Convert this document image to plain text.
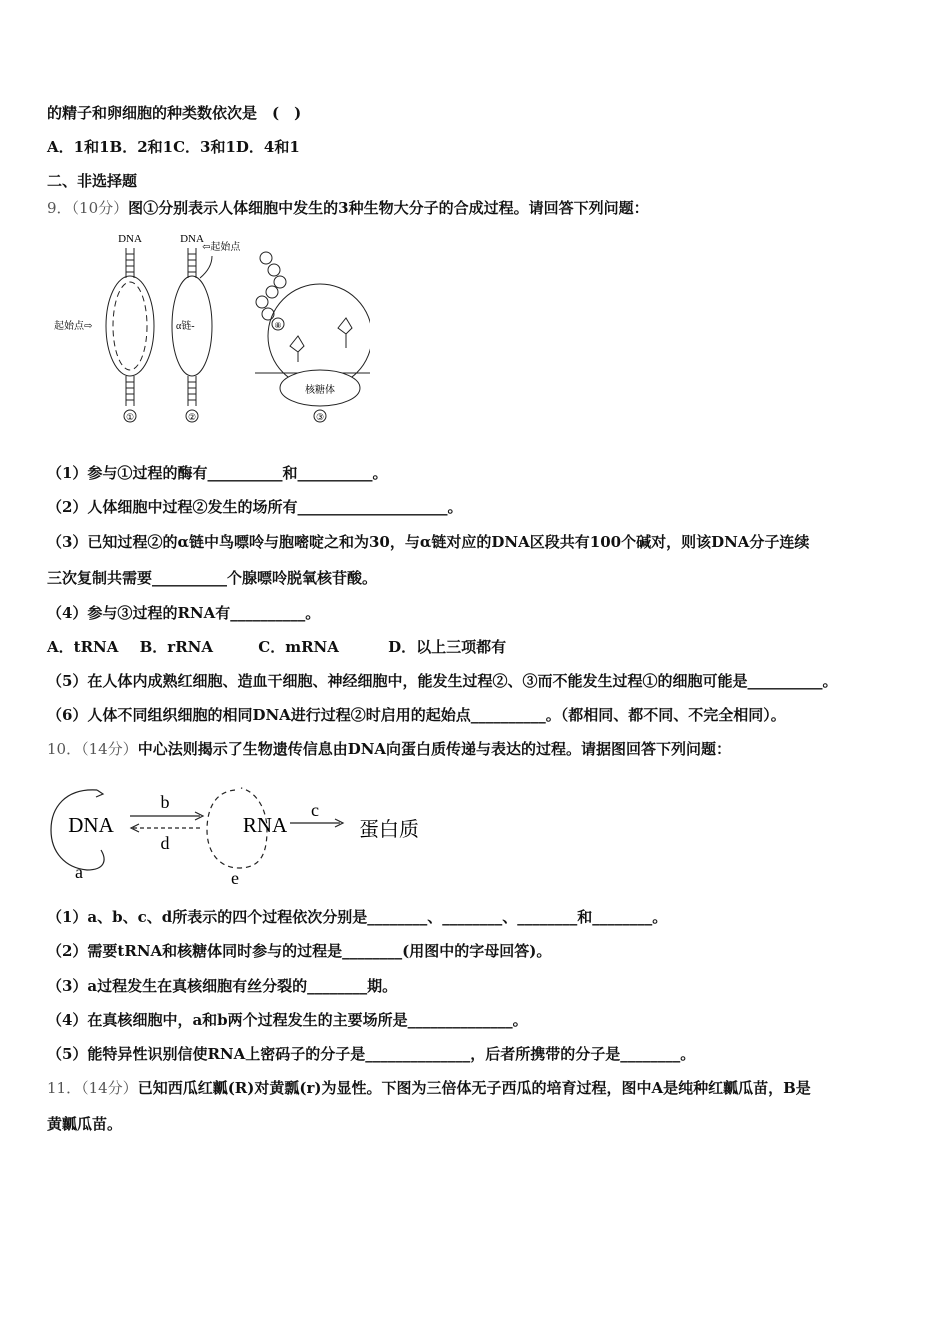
的精子和卵细胞的种类数依次是　(　)
A．1和1B．2和1C．3和1D．4和1
二、非选择题
9．（10分）图①分别表示人体细胞中发生的3种生物大分子的合成过程。请回答下列问题：
DNA
起始点⇨
①
DNA
⇦起始点
α链-
②
⑧
核糖体
③
（1）参与①过程的酶有__________和__________。
（2）人体细胞中过程②发生的场所有____________________。
（3）已知过程②的α链中鸟嘌呤与胞嘧啶之和为30，与α链对应的DNA区段共有100个碱对，则该DNA分子连续
三次复制共需要__________个腺嘌呤脱氧核苷酸。
（4）参与③过程的RNA有__________。
A．tRNA B．rRNA	C．mRNA	D．以上三项都有
（5）在人体内成熟红细胞、造血干细胞、神经细胞中，能发生过程②、③而不能发生过程①的细胞可能是__________。
（6）人体不同组织细胞的相同DNA进行过程②时启用的起始点__________。（都相同、都不同、不完全相同）。
10．（14分）中心法则揭示了生物遗传信息由DNA向蛋白质传递与表达的过程。请据图回答下列问题：
DNA	RNA	蛋白质
b
d
c
a	e
（1）a、b、c、d所表示的四个过程依次分别是________、________、________和________。
（2）需要tRNA和核糖体同时参与的过程是________(用图中的字母回答)。
（3）a过程发生在真核细胞有丝分裂的________期。
（4）在真核细胞中，a和b两个过程发生的主要场所是______________。
（5）能特异性识别信使RNA上密码子的分子是______________，后者所携带的分子是________。
11．（14分）已知西瓜红瓤(R)对黄瓢(r)为显性。下图为三倍体无子西瓜的培育过程，图中A是纯种红瓤瓜苗，B是
黄瓤瓜苗。
